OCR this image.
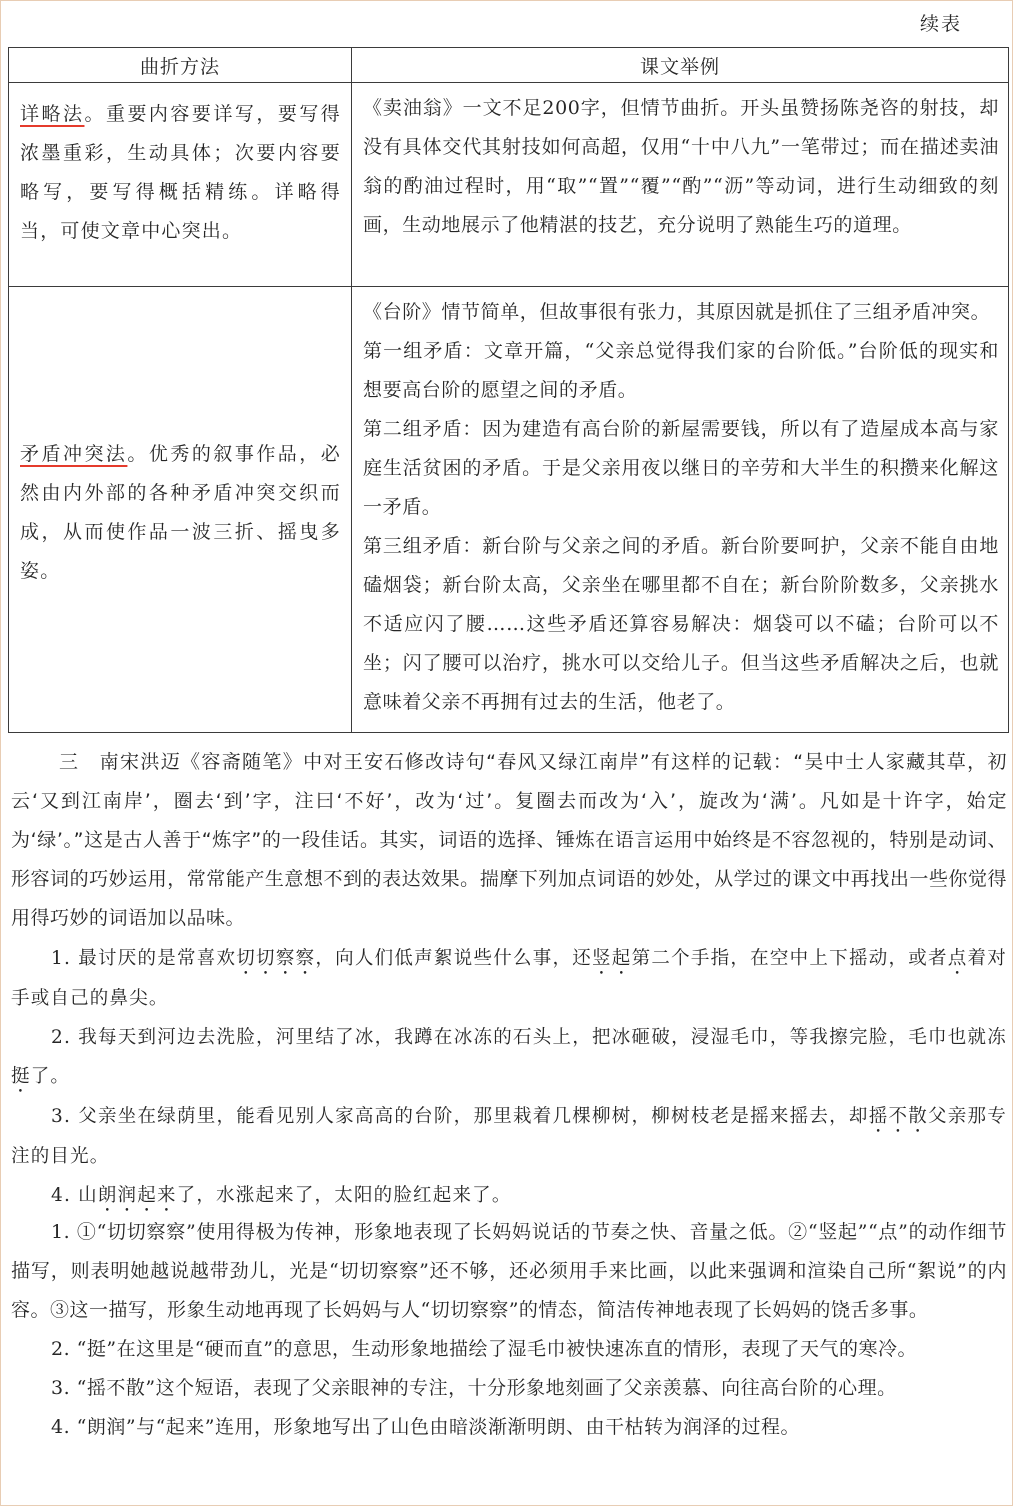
续表
曲折方法	课文举例
详略法。重要内容要详写，要写得浓墨重彩，生动具体；次要内容要略写，要写得概括精练。详略得当，可使文章中心突出。	《卖油翁》一文不足200字，但情节曲折。开头虽赞扬陈尧咨的射技，却没有具体交代其射技如何高超，仅用“十中八九”一笔带过；而在描述卖油翁的酌油过程时，用“取”“置”“覆”“酌”“沥”等动词，进行生动细致的刻画，生动地展示了他精湛的技艺，充分说明了熟能生巧的道理。

矛盾冲突法。优秀的叙事作品，必然由内外部的各种矛盾冲突交织而成，从而使作品一波三折、摇曳多姿。	《台阶》情节简单，但故事很有张力，其原因就是抓住了三组矛盾冲突。

第一组矛盾：文章开篇，“父亲总觉得我们家的台阶低。”台阶低的现实和想要高台阶的愿望之间的矛盾。

第二组矛盾：因为建造有高台阶的新屋需要钱，所以有了造屋成本高与家庭生活贫困的矛盾。于是父亲用夜以继日的辛劳和大半生的积攒来化解这一矛盾。

第三组矛盾：新台阶与父亲之间的矛盾。新台阶要呵护，父亲不能自由地磕烟袋；新台阶太高，父亲坐在哪里都不自在；新台阶阶数多，父亲挑水不适应闪了腰……这些矛盾还算容易解决：烟袋可以不磕；台阶可以不坐；闪了腰可以治疗，挑水可以交给儿子。但当这些矛盾解决之后，也就意味着父亲不再拥有过去的生活，他老了。

三　南宋洪迈《容斋随笔》中对王安石修改诗句“春风又绿江南岸”有这样的记载：“吴中士人家藏其草，初云‘又到江南岸’，圈去‘到’字，注曰‘不好’，改为‘过’。复圈去而改为‘入’，旋改为‘满’。凡如是十许字，始定为‘绿’。”这是古人善于“炼字”的一段佳话。其实，词语的选择、锤炼在语言运用中始终是不容忽视的，特别是动词、形容词的巧妙运用，常常能产生意想不到的表达效果。揣摩下列加点词语的妙处，从学过的课文中再找出一些你觉得用得巧妙的词语加以品味。

1. 最讨厌的是常喜欢切切察察，向人们低声絮说些什么事，还竖起第二个手指，在空中上下摇动，或者点着对手或自己的鼻尖。

2. 我每天到河边去洗脸，河里结了冰，我蹲在冰冻的石头上，把冰砸破，浸湿毛巾，等我擦完脸，毛巾也就冻挺了。

3. 父亲坐在绿荫里，能看见别人家高高的台阶，那里栽着几棵柳树，柳树枝老是摇来摇去，却摇不散父亲那专注的目光。

4. 山朗润起来了，水涨起来了，太阳的脸红起来了。

1. ①“切切察察”使用得极为传神，形象地表现了长妈妈说话的节奏之快、音量之低。②“竖起”“点”的动作细节描写，则表明她越说越带劲儿，光是“切切察察”还不够，还必须用手来比画，以此来强调和渲染自己所“絮说”的内容。③这一描写，形象生动地再现了长妈妈与人“切切察察”的情态，简洁传神地表现了长妈妈的饶舌多事。

2. “挺”在这里是“硬而直”的意思，生动形象地描绘了湿毛巾被快速冻直的情形，表现了天气的寒冷。

3. “摇不散”这个短语，表现了父亲眼神的专注，十分形象地刻画了父亲羡慕、向往高台阶的心理。

4. “朗润”与“起来”连用，形象地写出了山色由暗淡渐渐明朗、由干枯转为润泽的过程。
